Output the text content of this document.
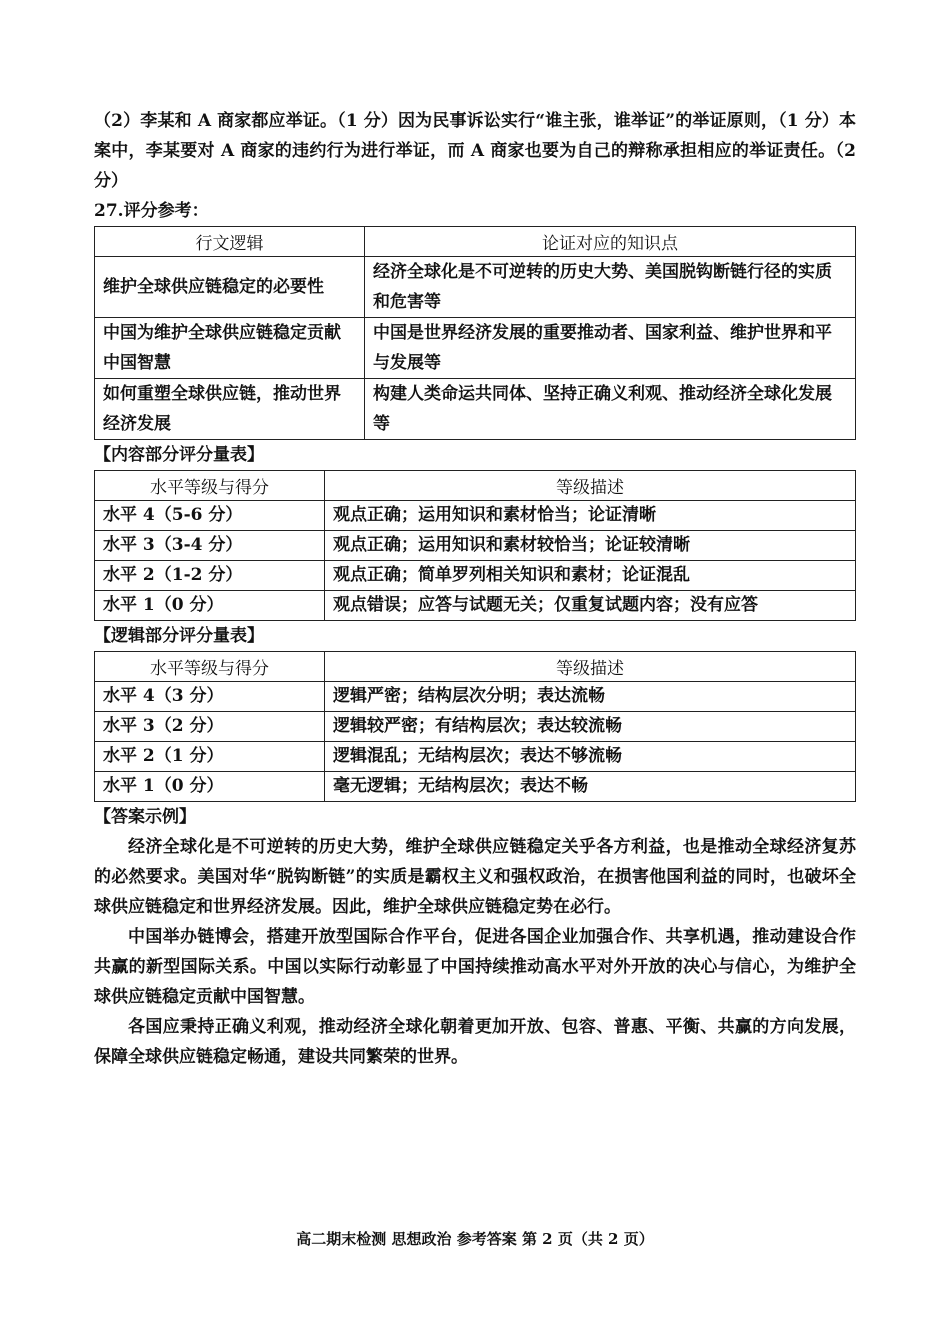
（2）李某和 A 商家都应举证。（1 分）因为民事诉讼实行“谁主张，谁举证”的举证原则，（1 分）本案中，李某要对 A 商家的违约行为进行举证，而 A 商家也要为自己的辩称承担相应的举证责任。（2 分）

27.评分参考：

行文逻辑	论证对应的知识点
维护全球供应链稳定的必要性	经济全球化是不可逆转的历史大势、美国脱钩断链行径的实质和危害等
中国为维护全球供应链稳定贡献中国智慧	中国是世界经济发展的重要推动者、国家利益、维护世界和平与发展等
如何重塑全球供应链，推动世界经济发展	构建人类命运共同体、坚持正确义利观、推动经济全球化发展等

【内容部分评分量表】

水平等级与得分	等级描述
水平 4（5-6 分）	观点正确；运用知识和素材恰当；论证清晰
水平 3（3-4 分）	观点正确；运用知识和素材较恰当；论证较清晰
水平 2（1-2 分）	观点正确；简单罗列相关知识和素材；论证混乱
水平 1（0 分）	观点错误；应答与试题无关；仅重复试题内容；没有应答

【逻辑部分评分量表】

水平等级与得分	等级描述
水平 4（3 分）	逻辑严密；结构层次分明；表达流畅
水平 3（2 分）	逻辑较严密；有结构层次；表达较流畅
水平 2（1 分）	逻辑混乱；无结构层次；表达不够流畅
水平 1（0 分）	毫无逻辑；无结构层次；表达不畅

【答案示例】

经济全球化是不可逆转的历史大势，维护全球供应链稳定关乎各方利益，也是推动全球经济复苏的必然要求。美国对华“脱钩断链”的实质是霸权主义和强权政治，在损害他国利益的同时，也破坏全球供应链稳定和世界经济发展。因此，维护全球供应链稳定势在必行。

中国举办链博会，搭建开放型国际合作平台，促进各国企业加强合作、共享机遇，推动建设合作共赢的新型国际关系。中国以实际行动彰显了中国持续推动高水平对外开放的决心与信心，为维护全球供应链稳定贡献中国智慧。

各国应秉持正确义利观，推动经济全球化朝着更加开放、包容、普惠、平衡、共赢的方向发展，保障全球供应链稳定畅通，建设共同繁荣的世界。

高二期末检测 思想政治 参考答案 第 2 页（共 2 页）
